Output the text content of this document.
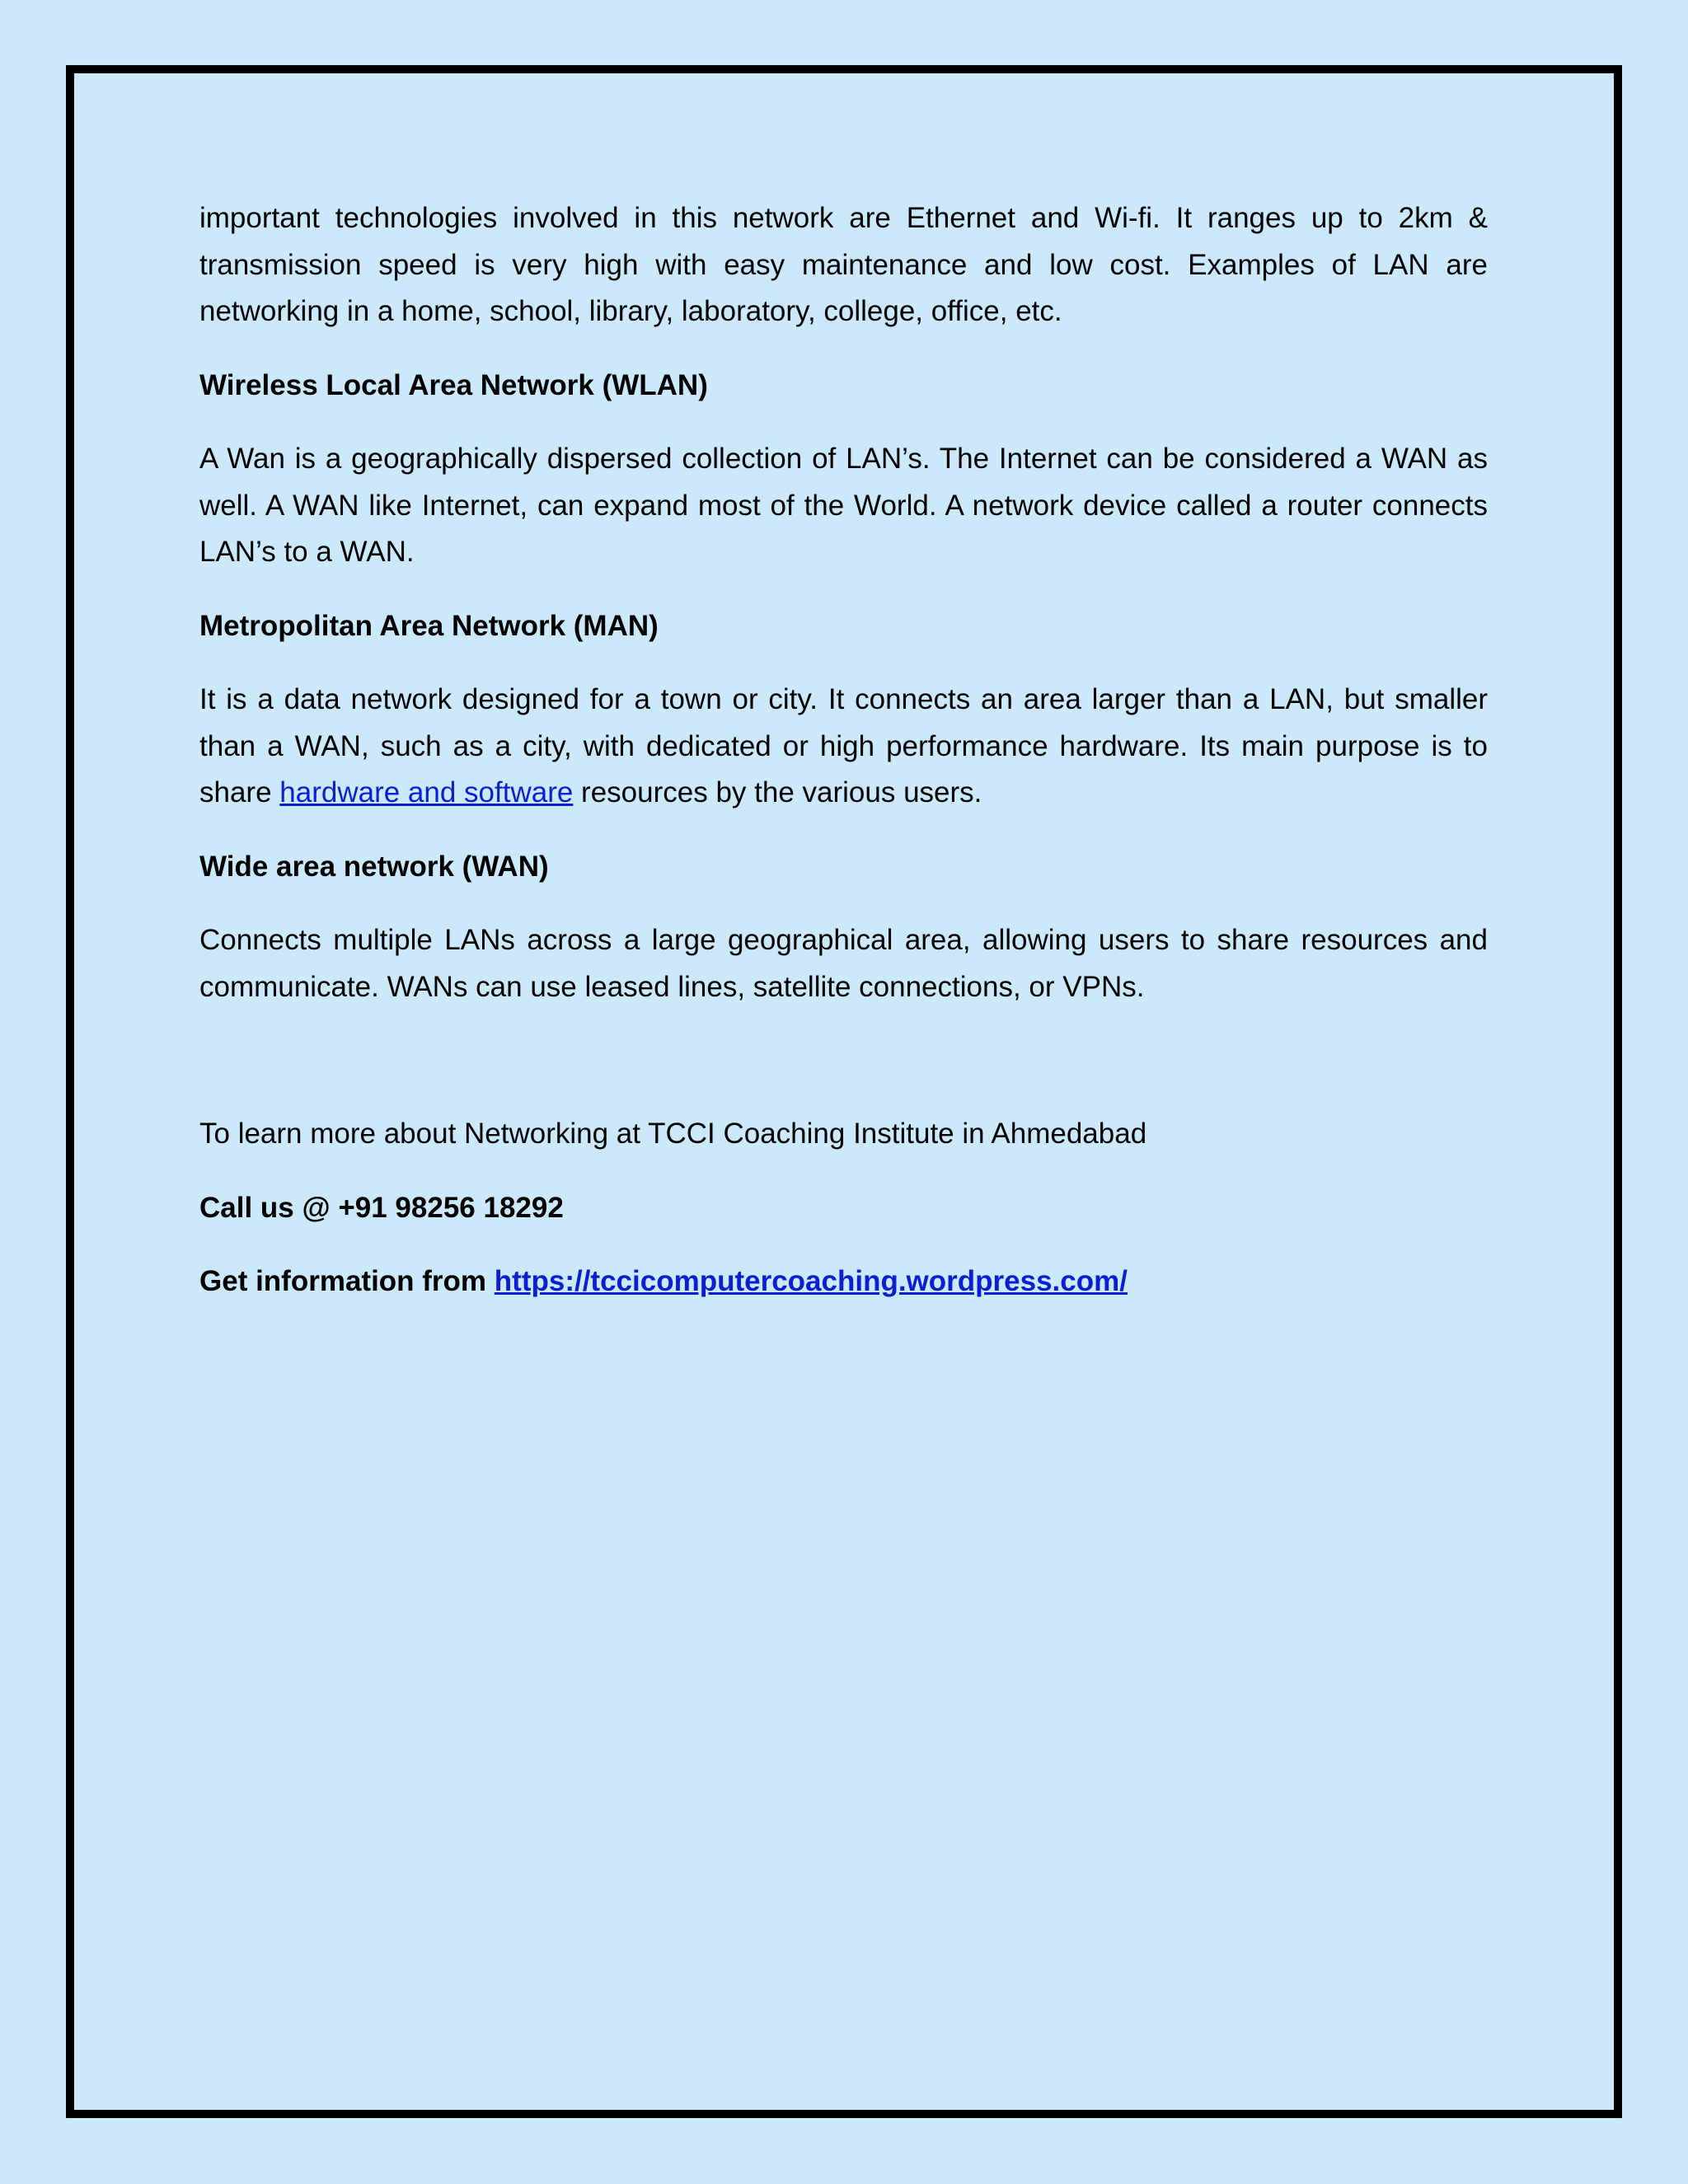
important technologies involved in this network are Ethernet and Wi-fi. It ranges up to 2km & transmission speed is very high with easy maintenance and low cost. Examples of LAN are networking in a home, school, library, laboratory, college, office, etc.

Wireless Local Area Network (WLAN)

A Wan is a geographically dispersed collection of LAN’s. The Internet can be considered a WAN as well. A WAN like Internet, can expand most of the World. A network device called a router connects LAN’s to a WAN.

Metropolitan Area Network (MAN)

It is a data network designed for a town or city. It connects an area larger than a LAN, but smaller than a WAN, such as a city, with dedicated or high performance hardware. Its main purpose is to share hardware and software resources by the various users.

Wide area network (WAN)

Connects multiple LANs across a large geographical area, allowing users to share resources and communicate. WANs can use leased lines, satellite connections, or VPNs.

To learn more about Networking at TCCI Coaching Institute in Ahmedabad

Call us @ +91 98256 18292

Get information from https://tccicomputercoaching.wordpress.com/
